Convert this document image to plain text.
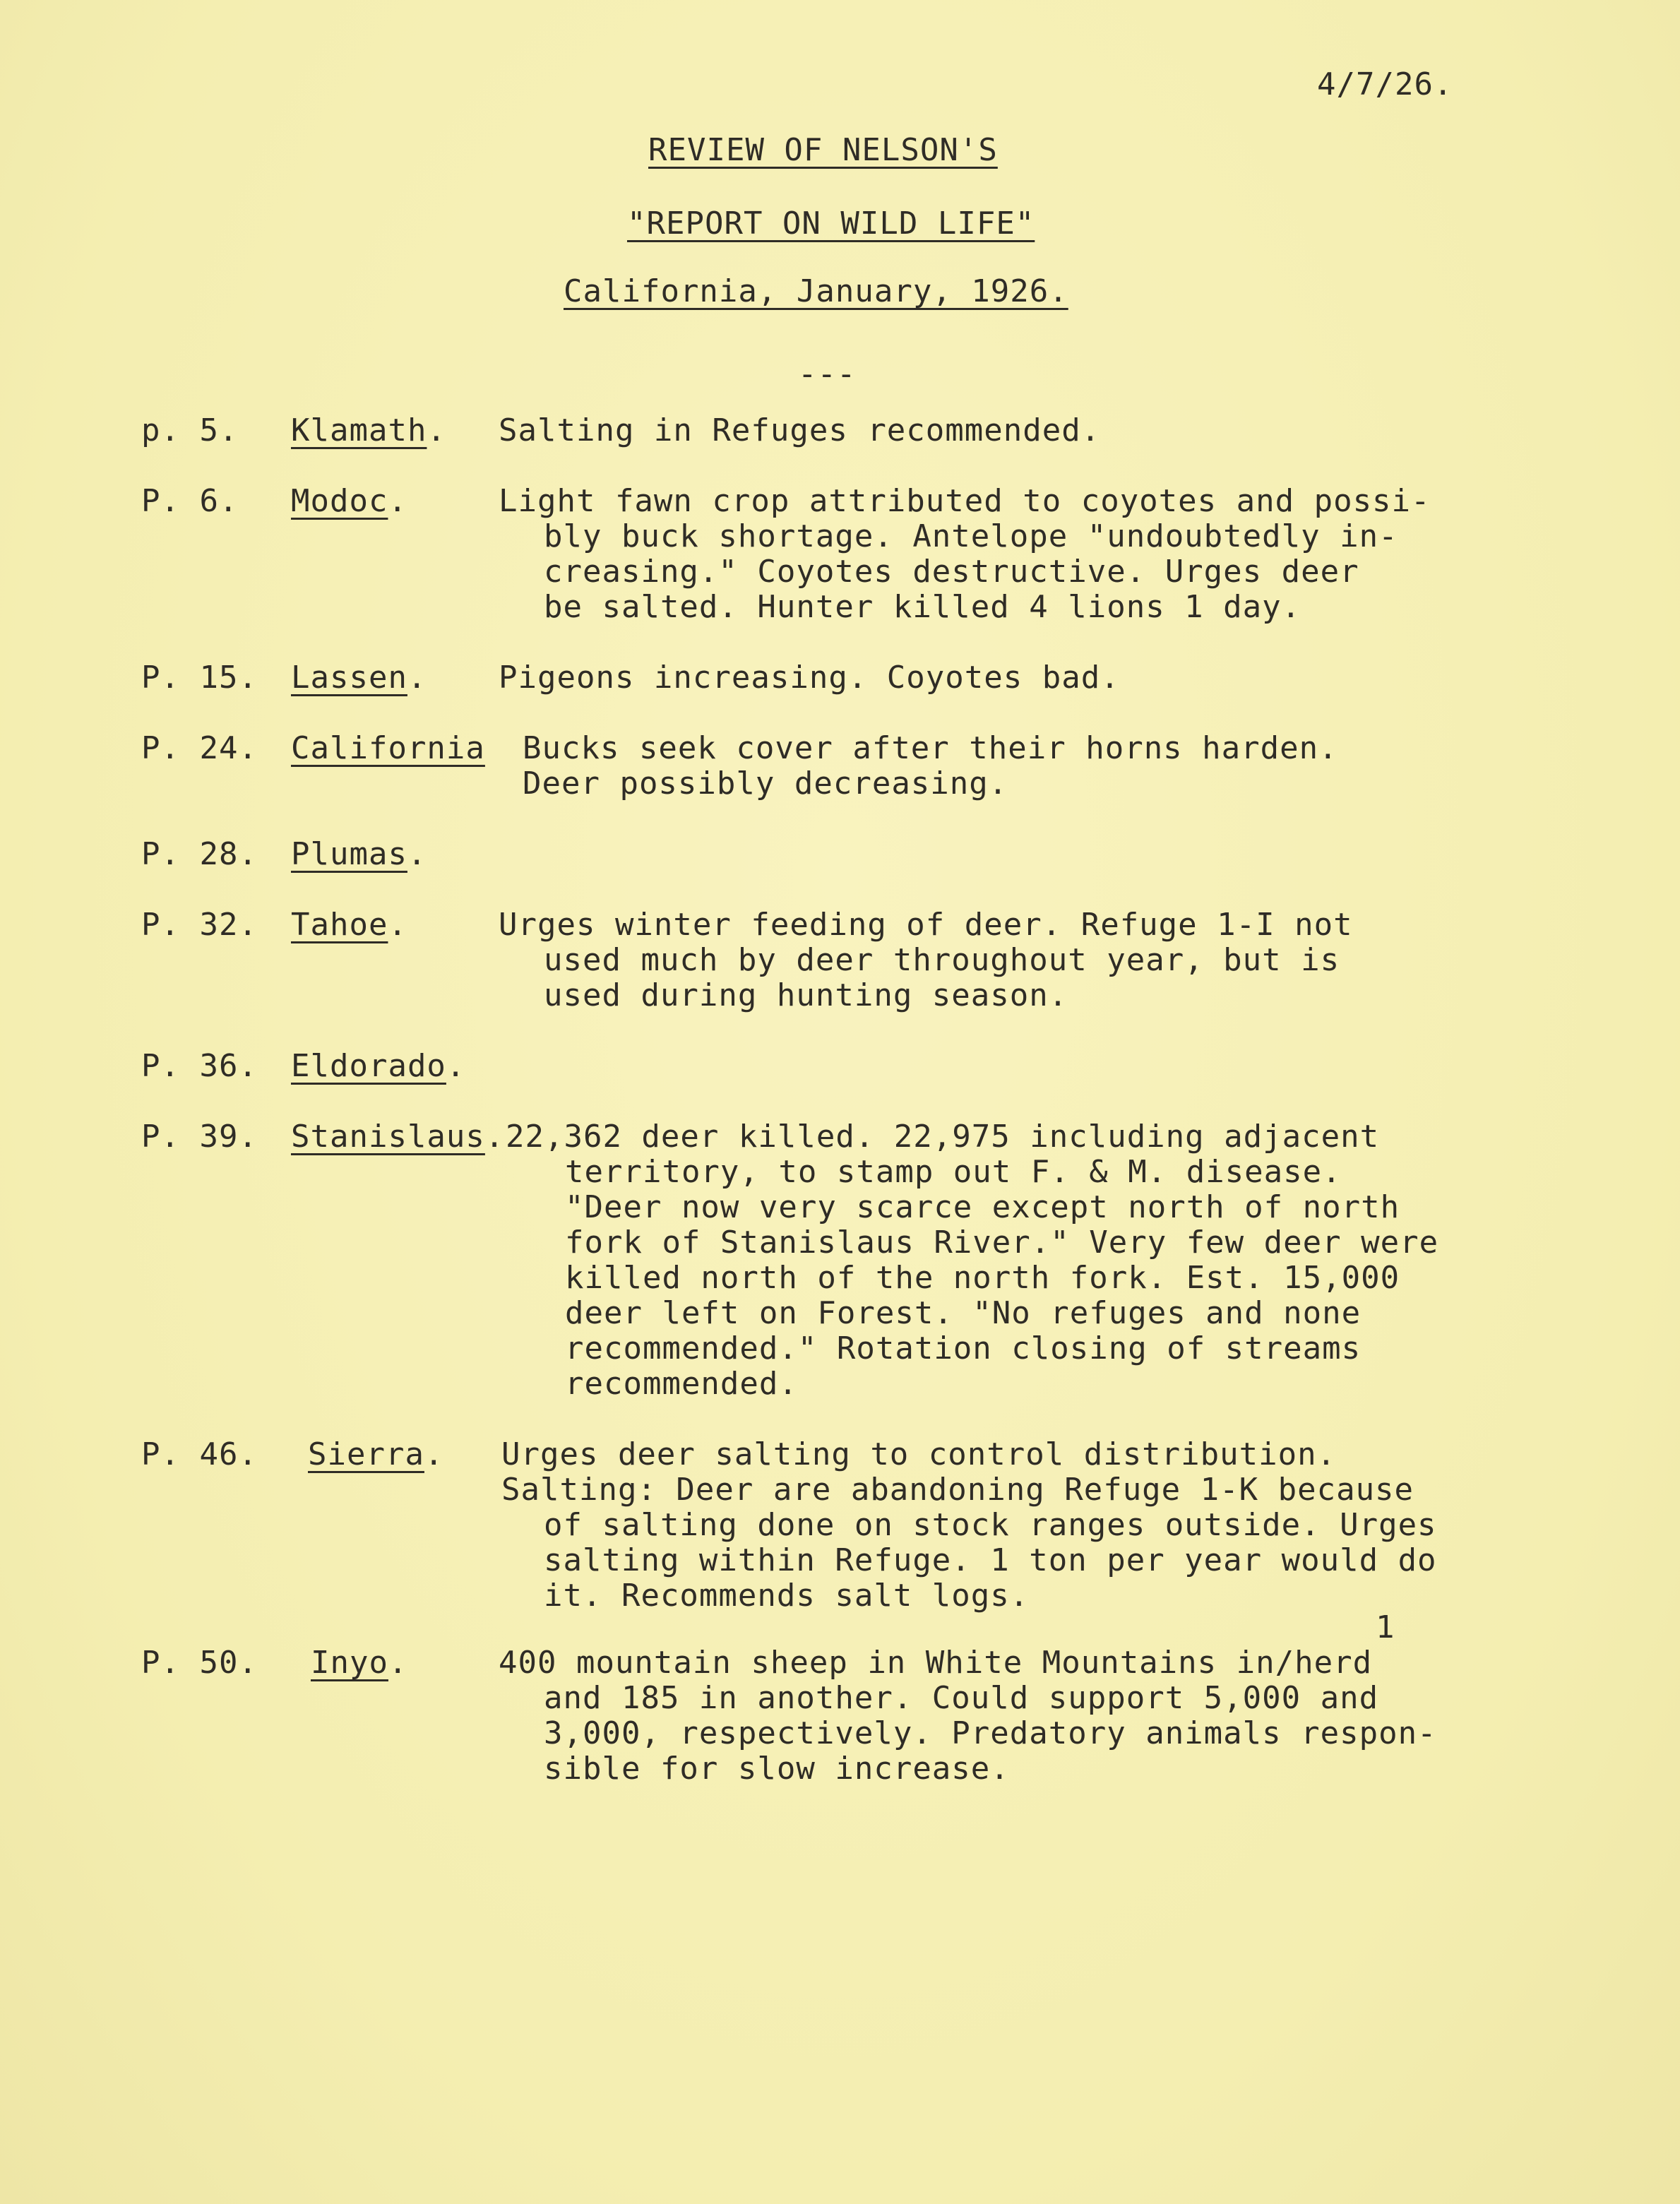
4/7/26.
REVIEW OF NELSON'S
"REPORT ON WILD LIFE"
California, January, 1926.
---
p. 5. Klamath. Salting in Refuges recommended.
P. 6. Modoc.	Light fawn crop attributed to coyotes and possi-
bly buck shortage. Antelope "undoubtedly in-
creasing." Coyotes destructive. Urges deer
be salted. Hunter killed 4 lions 1 day.
P. 15. Lassen. Pigeons increasing. Coyotes bad.
P. 24. California Bucks seek cover after their horns harden.
Deer possibly decreasing.
P. 28. Plumas.
P. 32. Tahoe.	Urges winter feeding of deer. Refuge 1-I not
used much by deer throughout year, but is
used during hunting season.
P. 36. Eldorado.
P. 39. Stanislaus. 22,362 deer killed. 22,975 including adjacent
territory, to stamp out F. & M. disease.
"Deer now very scarce except north of north
fork of Stanislaus River." Very few deer were
killed north of the north fork. Est. 15,000
deer left on Forest. "No refuges and none
recommended." Rotation closing of streams
recommended.
P. 46. Sierra. Urges deer salting to control distribution.
Salting: Deer are abandoning Refuge 1-K because
of salting done on stock ranges outside. Urges
salting within Refuge. 1 ton per year would do
it. Recommends salt logs.
1
P. 50. Inyo.	400 mountain sheep in White Mountains in/herd
and 185 in another. Could support 5,000 and
3,000, respectively. Predatory animals respon-
sible for slow increase.
